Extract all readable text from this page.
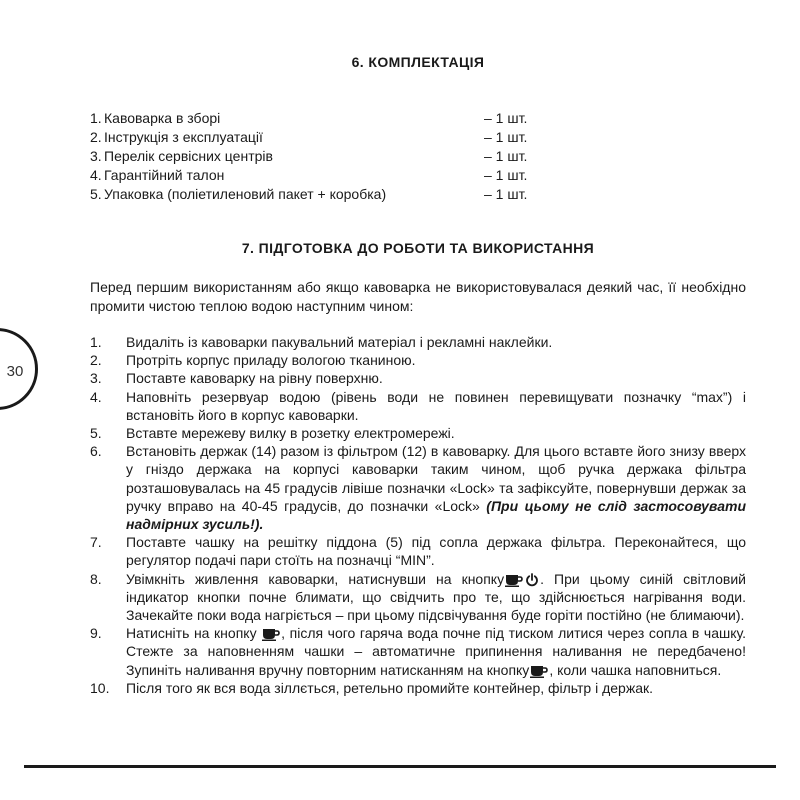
30
6. КОМПЛЕКТАЦІЯ
1. Кавоварка в зборі	– 1 шт.
2. Інструкція з експлуатації	– 1 шт.
3. Перелік сервісних центрів	– 1 шт.
4. Гарантійний талон	– 1 шт.
5. Упаковка (поліетиленовий пакет + коробка)	– 1 шт.
7. ПІДГОТОВКА ДО РОБОТИ ТА ВИКОРИСТАННЯ

Перед першим використанням або якщо кавоварка не використовувалася деякий час, її необхідно промити чистою теплою водою наступним чином:

1.	Видаліть із кавоварки пакувальний матеріал і рекламні наклейки.
2.	Протріть корпус приладу вологою тканиною.
3.	Поставте кавоварку на рівну поверхню.
4.	Наповніть резервуар водою (рівень води не повинен перевищувати позначку “max”) і встановіть його в корпус кавоварки.
5.	Вставте мережеву вилку в розетку електромережі.
6.	Встановіть держак (14) разом із фільтром (12) в кавоварку. Для цього вставте його знизу вверх у гніздо держака на корпусі кавоварки таким чином, щоб ручка держака фільтра розташовувалась на 45 градусів лівіше позначки «Lock» та зафіксуйте, повернувши держак за ручку вправо на 40-45 градусів, до позначки «Lock» (При цьому не слід застосовувати надмірних зусиль!).
7.	Поставте чашку на решітку піддона (5) під сопла держака фільтра. Переконайтеся, що регулятор подачі пари стоїть на позначці “MIN”.
8.	Увімкніть живлення кавоварки, натиснувши на кнопку	. При цьому синій світловий індикатор кнопки почне блимати, що свідчить про те, що здійснюється нагрівання води. Зачекайте поки вода нагріється – при цьому підсвічування буде горіти постійно (не блимаючи).
9.	Натисніть на кнопку , після чого гаряча вода почне під тиском литися через сопла в чашку. Стежте за наповненням чашки – автоматичне припинення наливання не передбачено! Зупиніть наливання вручну повторним натисканням на кнопку , коли чашка наповниться.
10.	Після того як вся вода зіллється, ретельно промийте контейнер, фільтр і держак.
